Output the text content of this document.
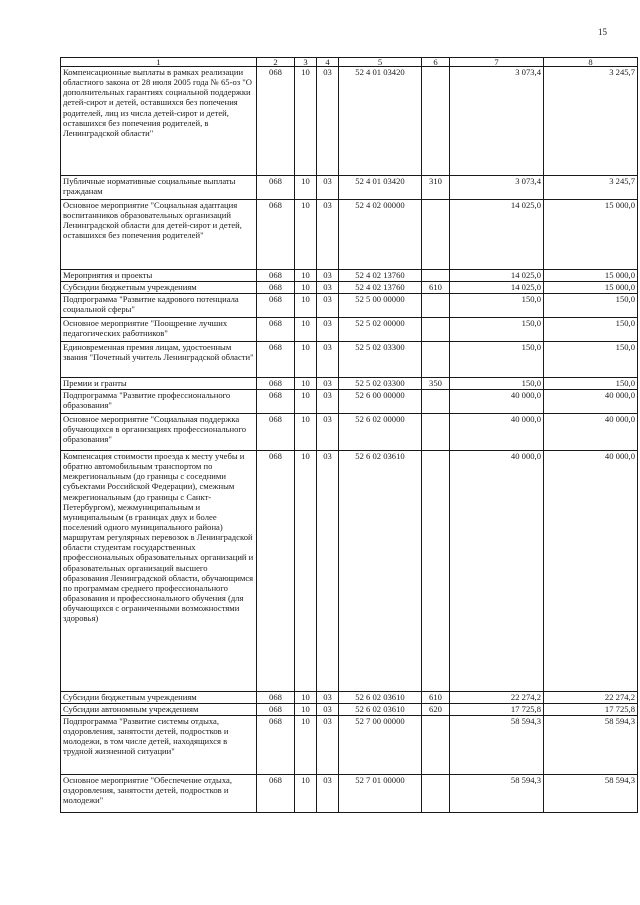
15
1	2	3	4	5	6	7	8
Компенсационные выплаты в рамках реализации областного закона от 28 июля 2005 года № 65-оз "О дополнительных гарантиях социальной поддержки детей-сирот и детей, оставшихся без попечения родителей, лиц из числа детей-сирот и детей, оставшихся без попечения родителей, в Ленинградской области"	068	10	03	52 4 01 03420		3 073,4	3 245,7
Публичные нормативные социальные выплаты гражданам	068	10	03	52 4 01 03420	310	3 073,4	3 245,7
Основное мероприятие "Социальная адаптация воспитанников образовательных организаций Ленинградской области для детей-сирот и детей, оставшихся без попечения родителей"	068	10	03	52 4 02 00000		14 025,0	15 000,0
Мероприятия и проекты	068	10	03	52 4 02 13760		14 025,0	15 000,0
Субсидии бюджетным учреждениям	068	10	03	52 4 02 13760	610	14 025,0	15 000,0
Подпрограмма "Развитие кадрового потенциала социальной сферы"	068	10	03	52 5 00 00000		150,0	150,0
Основное мероприятие "Поощрение лучших педагогических работников"	068	10	03	52 5 02 00000		150,0	150,0
Единовременная премия лицам, удостоенным звания "Почетный учитель Ленинградской области"	068	10	03	52 5 02 03300		150,0	150,0
Премии и гранты	068	10	03	52 5 02 03300	350	150,0	150,0
Подпрограмма "Развитие профессионального образования"	068	10	03	52 6 00 00000		40 000,0	40 000,0
Основное мероприятие "Социальная поддержка обучающихся в организациях профессионального образования"	068	10	03	52 6 02 00000		40 000,0	40 000,0
Компенсация стоимости проезда к месту учебы и обратно автомобильным транспортом по межрегиональным (до границы с соседними субъектами Российской Федерации), смежным межрегиональным (до границы с Санкт-Петербургом), межмуниципальным и муниципальным (в границах двух и более поселений одного муниципального района) маршрутам регулярных перевозок в Ленинградской области студентам государственных профессиональных образовательных организаций и образовательных организаций высшего образования Ленинградской области, обучающимся по программам среднего профессионального образования и профессионального обучения (для обучающихся с ограниченными возможностями здоровья)	068	10	03	52 6 02 03610		40 000,0	40 000,0
Субсидии бюджетным учреждениям	068	10	03	52 6 02 03610	610	22 274,2	22 274,2
Субсидии автономным учреждениям	068	10	03	52 6 02 03610	620	17 725,8	17 725,8
Подпрограмма "Развитие системы отдыха, оздоровления, занятости детей, подростков и молодежи, в том числе детей, находящихся в трудной жизненной ситуации"	068	10	03	52 7 00 00000		58 594,3	58 594,3
Основное мероприятие "Обеспечение отдыха, оздоровления, занятости детей, подростков и молодежи"	068	10	03	52 7 01 00000		58 594,3	58 594,3
